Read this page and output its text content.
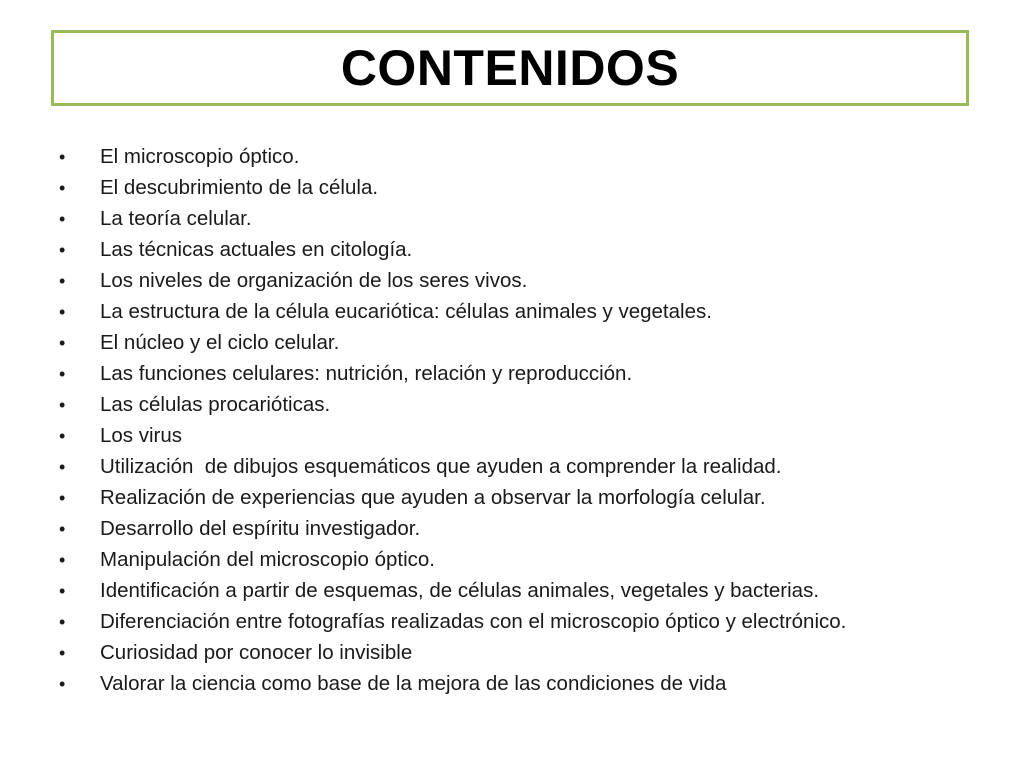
CONTENIDOS
•	El microscopio óptico.
•	El descubrimiento de la célula.
•	La teoría celular.
•	Las técnicas actuales en citología.
•	Los niveles de organización de los seres vivos.
•	La estructura de la célula eucariótica: células animales y vegetales.
•	El núcleo y el ciclo celular.
•	Las funciones celulares: nutrición, relación y reproducción.
•	Las células procarióticas.
•	Los virus
•	Utilización  de dibujos esquemáticos que ayuden a comprender la realidad.
•	Realización de experiencias que ayuden a observar la morfología celular.
•	Desarrollo del espíritu investigador.
•	Manipulación del microscopio óptico.
•	Identificación a partir de esquemas, de células animales, vegetales y bacterias.
•	Diferenciación entre fotografías realizadas con el microscopio óptico y electrónico.
•	Curiosidad por conocer lo invisible
•	Valorar la ciencia como base de la mejora de las condiciones de vida
